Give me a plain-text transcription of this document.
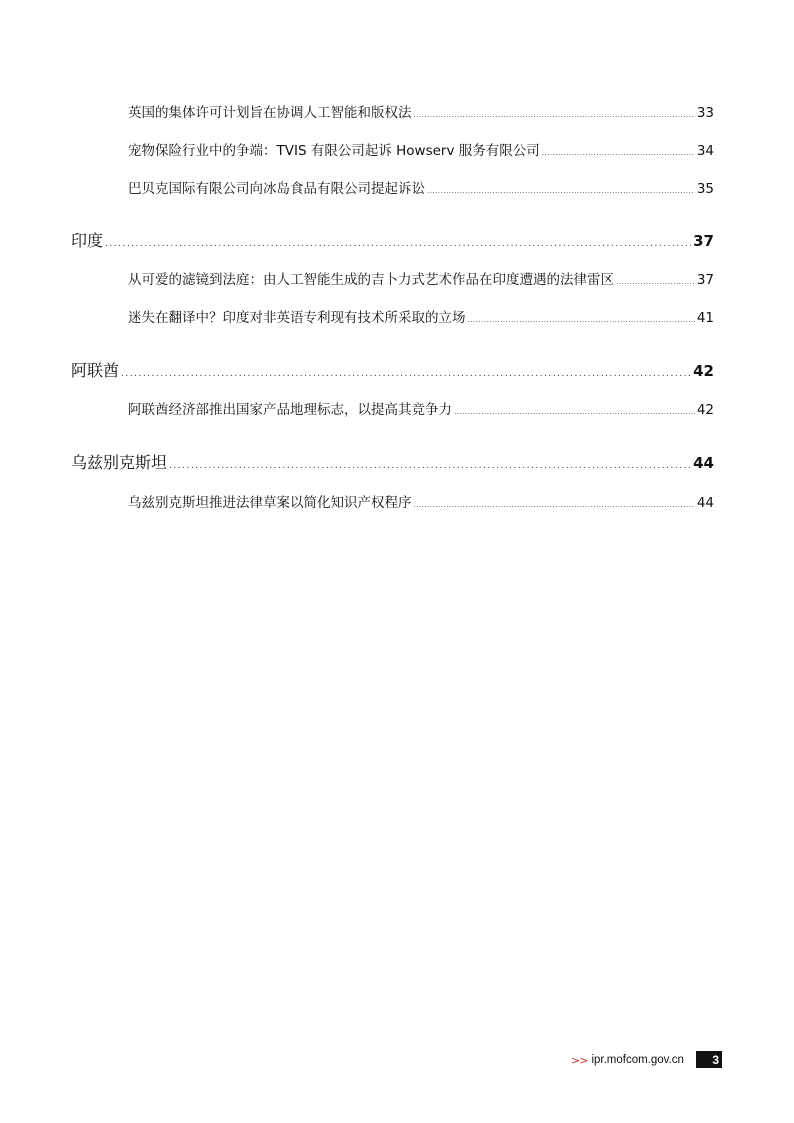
英国的集体许可计划旨在协调人工智能和版权法 .....	33
宠物保险行业中的争端：TVIS 有限公司起诉 Howserv 服务有限公司 .....	34
巴贝克国际有限公司向冰岛食品有限公司提起诉讼 .....	35
印度 .....	37
从可爱的滤镜到法庭：由人工智能生成的吉卜力式艺术作品在印度遭遇的法律雷区 .....	37
迷失在翻译中？印度对非英语专利现有技术所采取的立场 .....	41
阿联酋 .....	42
阿联酋经济部推出国家产品地理标志，以提高其竞争力 .....	42
乌兹别克斯坦 .....	44
乌兹别克斯坦推进法律草案以简化知识产权程序 .....	44
>> ipr.mofcom.gov.cn 3
